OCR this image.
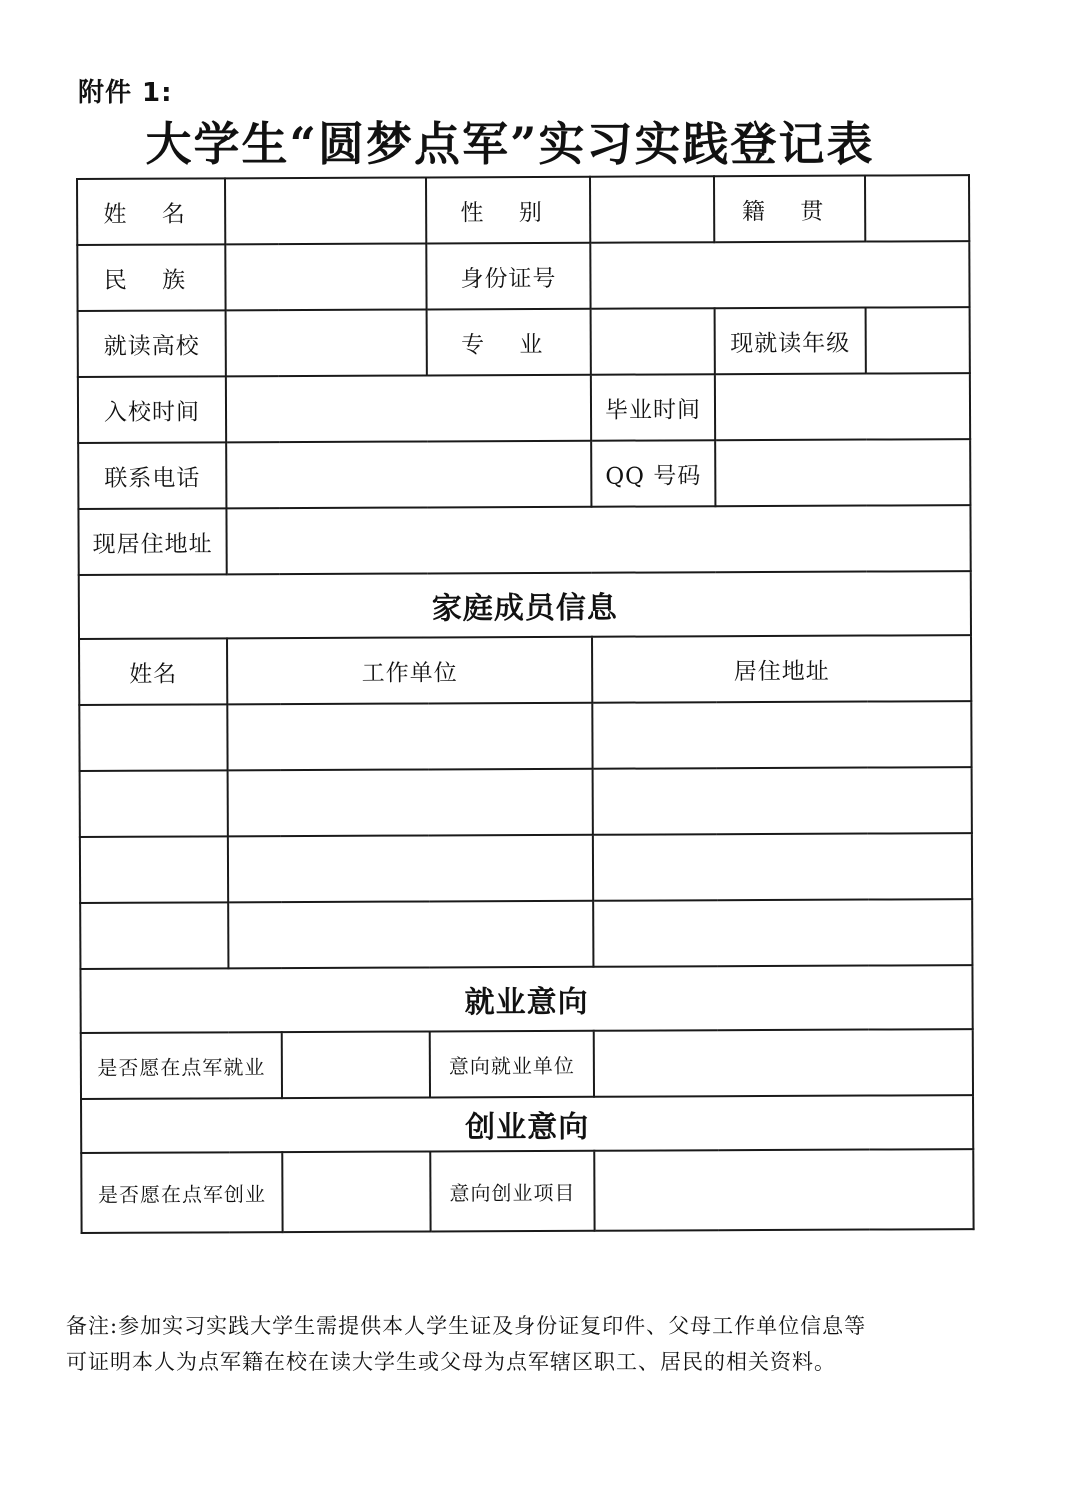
附件 1:
大学生“圆梦点军”实习实践登记表
姓 名			性 别		籍 贯	
民 族			身份证号			
就读高校			专 业		现就读年级	
入校时间				毕业时间		
联系电话				QQ 号码		
现居住地址						
家庭成员信息						
姓名	工作单位			居住地址		

就业意向						
是否愿在点军就业			意向就业单位			
创业意向						
是否愿在点军创业			意向创业项目			

备注:参加实习实践大学生需提供本人学生证及身份证复印件、父母工作单位信息等

可证明本人为点军籍在校在读大学生或父母为点军辖区职工、居民的相关资料。
